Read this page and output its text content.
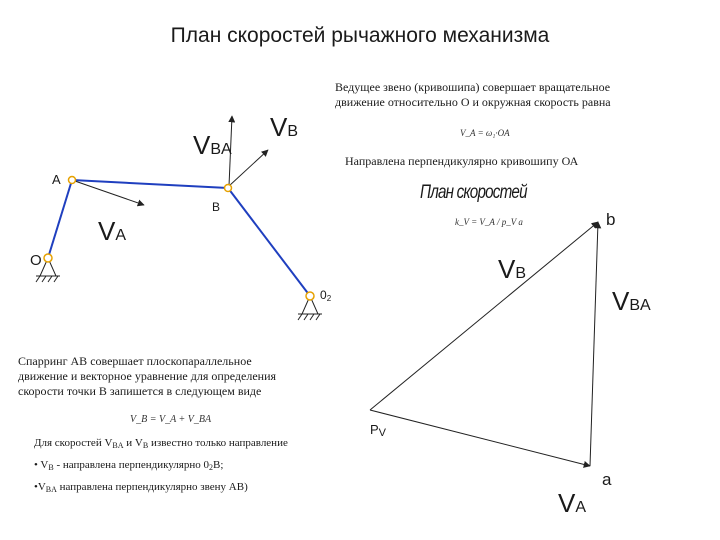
План скоростей рычажного механизма
Ведущее звено (кривошипа) совершает вращательное
движение относительно О и окружная скорость равна
V_A = ω₁·OA
Направлена перпендикулярно кривошипу ОА
План скоростей
k_V = V_A / p_V a
A
B
O
02
VBA
VB
VA
b
a
PV
VB
VBA
VA
Спарринг АВ совершает плоскопараллельное
движение и векторное уравнение для определения
скорости точки В запишется в следующем виде
V_B = V_A + V_BA
Для скоростей VBA и VB известно только направление
• VB - направлена перпендикулярно 02B;
•VBA направлена перпендикулярно звену АВ)
